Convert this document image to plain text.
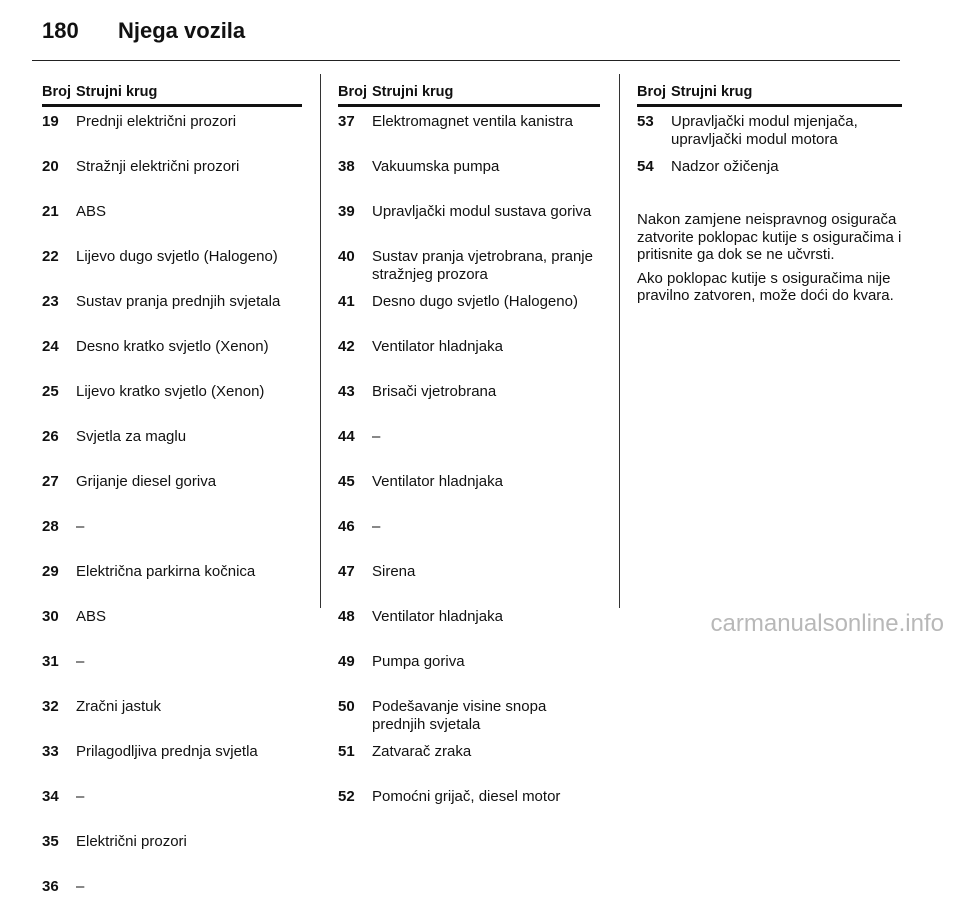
180	Njega vozila
Broj Strujni krug
19	Prednji električni prozori
20	Stražnji električni prozori
21	ABS
22	Lijevo dugo svjetlo (Halogeno)
23	Sustav pranja prednjih svjetala
24	Desno kratko svjetlo (Xenon)
25	Lijevo kratko svjetlo (Xenon)
26	Svjetla za maglu
27	Grijanje diesel goriva
28	–
29	Električna parkirna kočnica
30	ABS
31	–
32	Zračni jastuk
33	Prilagodljiva prednja svjetla
34	–
35	Električni prozori
36	–
Broj Strujni krug
37	Elektromagnet ventila kanistra
38	Vakuumska pumpa
39	Upravljački modul sustava goriva
40	Sustav pranja vjetrobrana, pranje stražnjeg prozora
41	Desno dugo svjetlo (Halogeno)
42	Ventilator hladnjaka
43	Brisači vjetrobrana
44	–
45	Ventilator hladnjaka
46	–
47	Sirena
48	Ventilator hladnjaka
49	Pumpa goriva
50	Podešavanje visine snopa prednjih svjetala
51	Zatvarač zraka
52	Pomoćni grijač, diesel motor
Broj Strujni krug
53	Upravljački modul mjenjača, upravljački modul motora
54	Nadzor ožičenja

Nakon zamjene neispravnog osigurača zatvorite poklopac kutije s osiguračima i pritisnite ga dok se ne učvrsti.

Ako poklopac kutije s osiguračima nije pravilno zatvoren, može doći do kvara.

carmanualsonline.info
